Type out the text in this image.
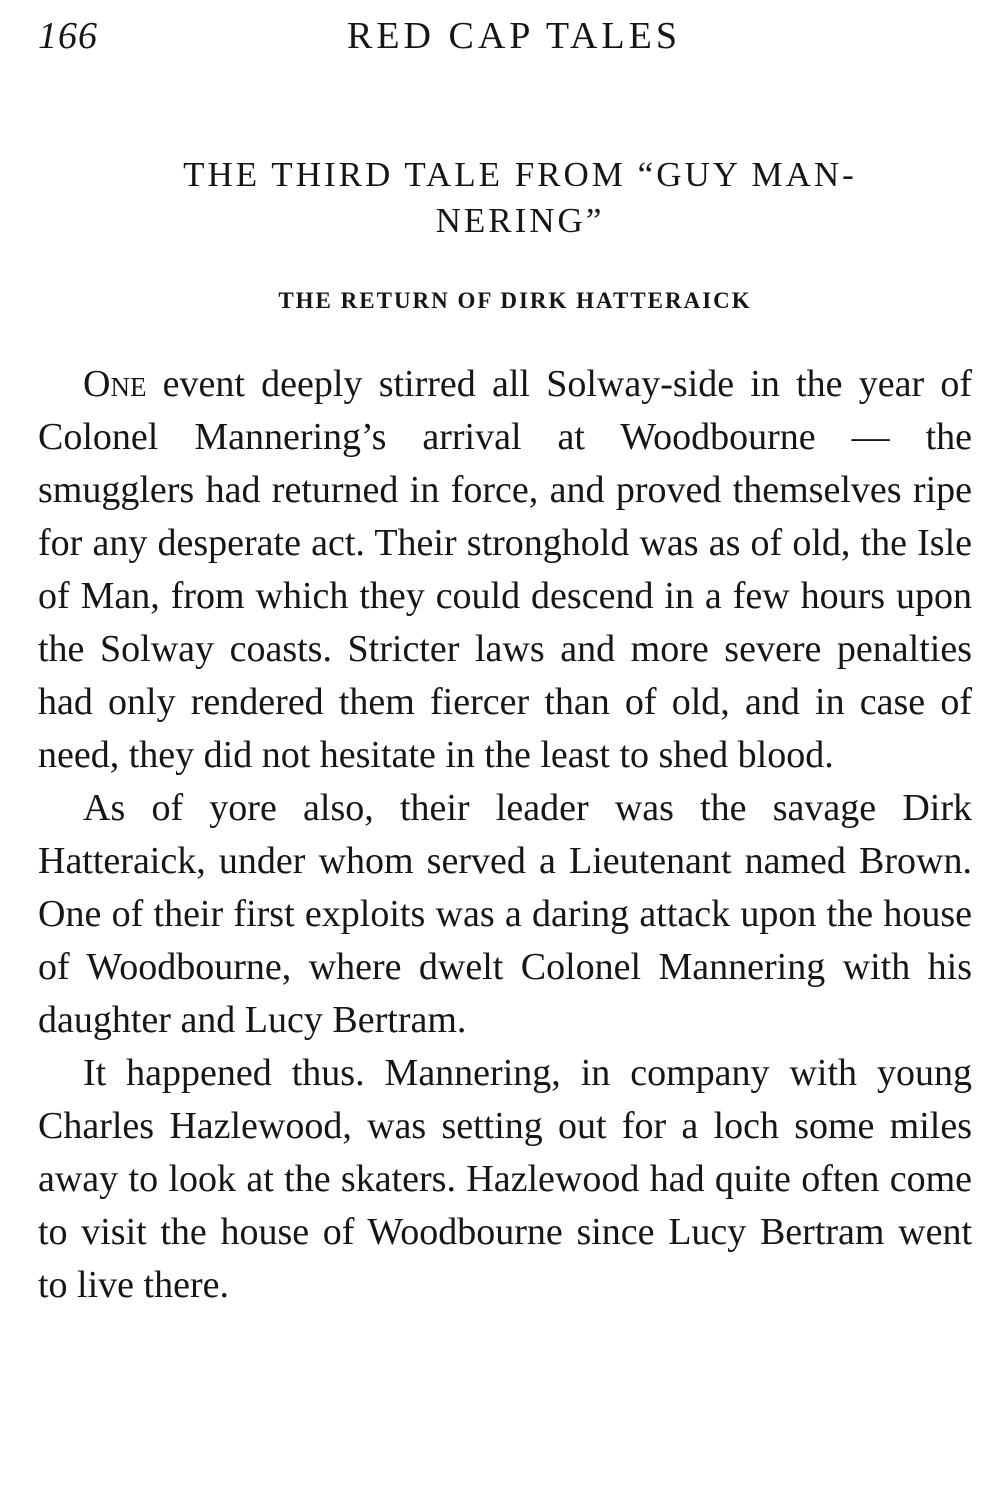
166	RED CAP TALES
THE THIRD TALE FROM “GUY MAN-
NERING”
THE RETURN OF DIRK HATTERAICK

One event deeply stirred all Solway-side in the year of Colonel Mannering’s arrival at Woodbourne — the smugglers had returned in force, and proved themselves ripe for any desperate act. Their stronghold was as of old, the Isle of Man, from which they could descend in a few hours upon the Solway coasts. Stricter laws and more severe penalties had only rendered them fiercer than of old, and in case of need, they did not hesitate in the least to shed blood.

As of yore also, their leader was the savage Dirk Hatteraick, under whom served a Lieutenant named Brown. One of their first exploits was a daring attack upon the house of Woodbourne, where dwelt Colonel Mannering with his daughter and Lucy Bertram.

It happened thus. Mannering, in company with young Charles Hazlewood, was setting out for a loch some miles away to look at the skaters. Hazlewood had quite often come to visit the house of Woodbourne since Lucy Bertram went to live there.
